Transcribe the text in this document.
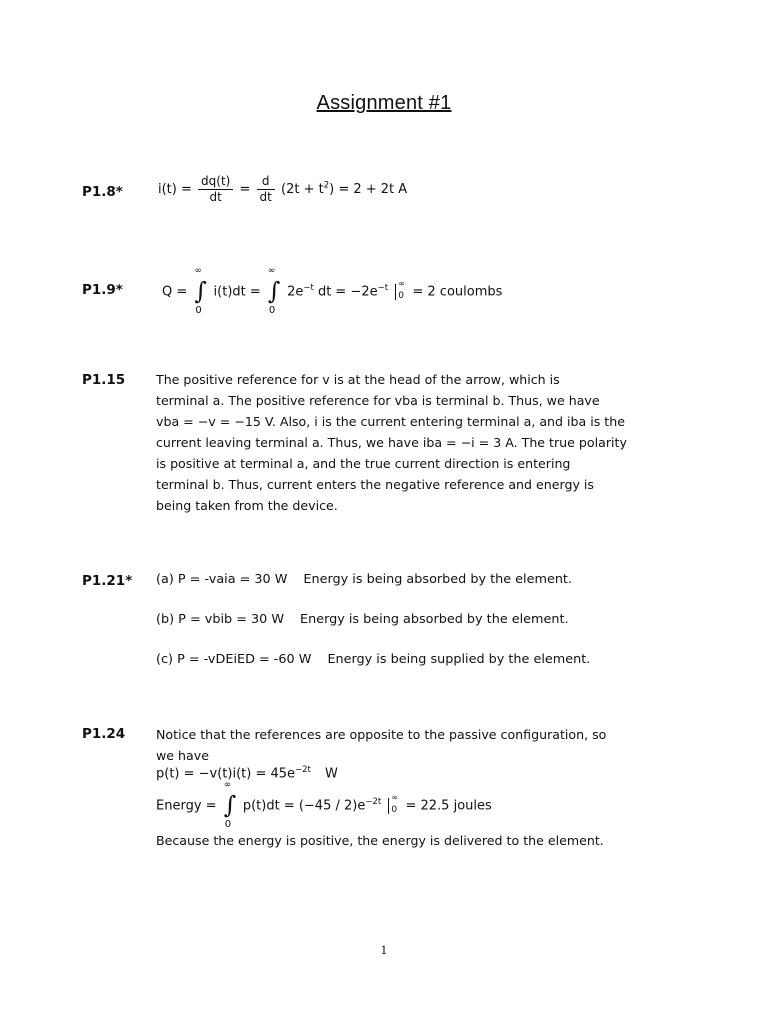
Assignment #1
P1.8*	$i(t) = \frac{dq(t)}{dt} = \frac{d}{dt} (2t + t^2) = 2 + 2t$ A
P1.9*	Q =
∞
∫
0
i(t)dt =
∞
∫
0
$2e^{-t}$ dt = $-2e^{-t}$ ∞
0 = 2 coulombs
P1.15 The positive reference for v is at the head of the arrow, which is
terminal a. The positive reference for vba is terminal b. Thus, we have
vba = −v = −15 V. Also, i is the current entering terminal a, and iba is the
current leaving terminal a. Thus, we have iba = −i = 3 A. The true polarity
is positive at terminal a, and the true current direction is entering
terminal b. Thus, current enters the negative reference and energy is
being taken from the device.
P1.21* (a) P = -vaia = 30 W Energy is being absorbed by the element.
(b) P = vbib = 30 W Energy is being absorbed by the element.
(c) P = -vDEiED = -60 W Energy is being supplied by the element.
P1.24 Notice that the references are opposite to the passive configuration, so
we have
$p(t) = -v(t)i(t) = 45e^{-2t}$ W
Energy =
∞
∫
0
$p(t)dt = (-45 / 2)e^{-2t}$ ∞
0 = 22.5 joules
Because the energy is positive, the energy is delivered to the element.
1
